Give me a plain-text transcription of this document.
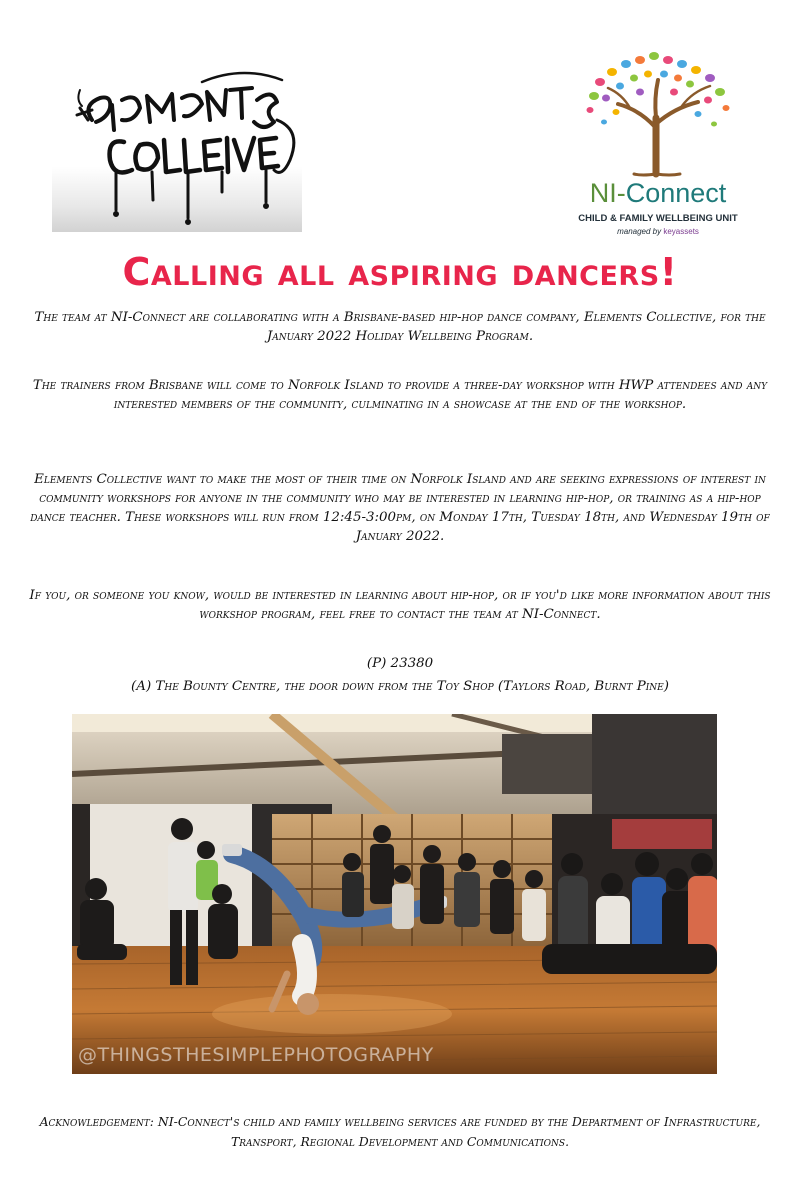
NI-Connect
CHILD & FAMILY WELLBEING UNIT
managed by keyassets
Calling all aspiring dancers!
The team at NI-Connect are collaborating with a Brisbane-based hip-hop dance company, Elements Collective, for the January 2022 Holiday Wellbeing Program.
The trainers from Brisbane will come to Norfolk Island to provide a three-day workshop with HWP attendees and any interested members of the community, culminating in a showcase at the end of the workshop.
Elements Collective want to make the most of their time on Norfolk Island and are seeking expressions of interest in community workshops for anyone in the community who may be interested in learning hip-hop, or training as a hip-hop dance teacher. These workshops will run from 12:45-3:00pm, on Monday 17th, Tuesday 18th, and Wednesday 19th of January 2022.
If you, or someone you know, would be interested in learning about hip-hop, or if you'd like more information about this workshop program, feel free to contact the team at NI-Connect.
(P) 23380
(A) The Bounty Centre, the door down from the Toy Shop (Taylors Road, Burnt Pine)
@THINGSTHESIMPLEPHOTOGRAPHY
Acknowledgement: NI-Connect's child and family wellbeing services are funded by the Department of Infrastructure, Transport, Regional Development and Communications.
